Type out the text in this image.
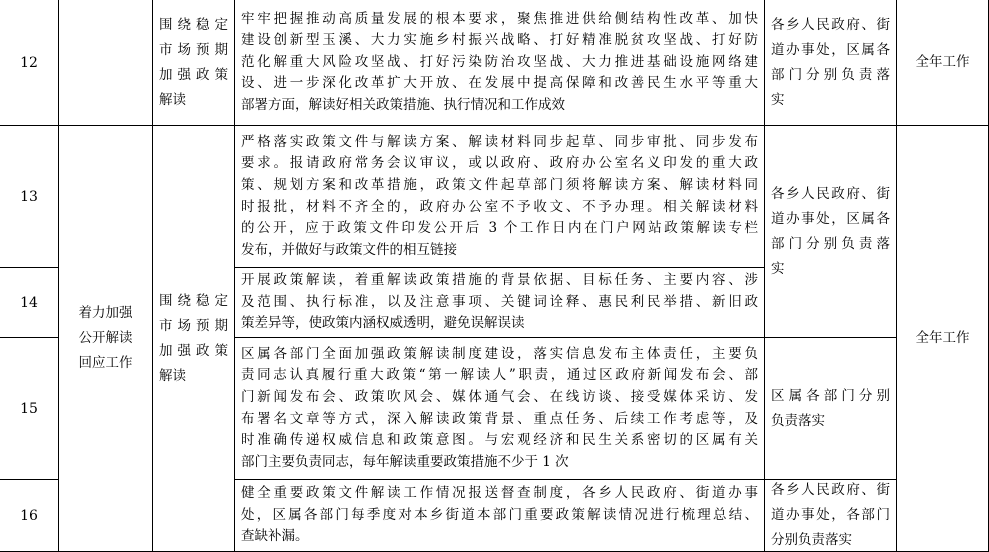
12
围绕稳定
市场预期
加强政策
解读
牢牢把握推动高质量发展的根本要求，聚焦推进供给侧结构性改革、加快
建设创新型玉溪、大力实施乡村振兴战略、打好精准脱贫攻坚战、打好防
范化解重大风险攻坚战、打好污染防治攻坚战、大力推进基础设施网络建
设、进一步深化改革扩大开放、在发展中提高保障和改善民生水平等重大
部署方面，解读好相关政策措施、执行情况和工作成效
各乡人民政府、街
道办事处，区属各
部门分别负责落
实
全年工作
13
14
15
16
着力加强
公开解读
回应工作
围绕稳定
市场预期
加强政策
解读
严格落实政策文件与解读方案、解读材料同步起草、同步审批、同步发布
要求。报请政府常务会议审议，或以政府、政府办公室名义印发的重大政
策、规划方案和改革措施，政策文件起草部门须将解读方案、解读材料同
时报批，材料不齐全的，政府办公室不予收文、不予办理。相关解读材料
的公开，应于政策文件印发公开后 3 个工作日内在门户网站政策解读专栏
发布，并做好与政策文件的相互链接
开展政策解读，着重解读政策措施的背景依据、目标任务、主要内容、涉
及范围、执行标准，以及注意事项、关键词诠释、惠民利民举措、新旧政
策差异等，使政策内涵权威透明，避免误解误读
区属各部门全面加强政策解读制度建设，落实信息发布主体责任，主要负
责同志认真履行重大政策“第一解读人”职责，通过区政府新闻发布会、部
门新闻发布会、政策吹风会、媒体通气会、在线访谈、接受媒体采访、发
布署名文章等方式，深入解读政策背景、重点任务、后续工作考虑等，及
时准确传递权威信息和政策意图。与宏观经济和民生关系密切的区属有关
部门主要负责同志，每年解读重要政策措施不少于 1 次
健全重要政策文件解读工作情况报送督查制度，各乡人民政府、街道办事
处，区属各部门每季度对本乡街道本部门重要政策解读情况进行梳理总结、
查缺补漏。
各乡人民政府、街
道办事处，区属各
部门分别负责落
实
区属各部门分别
负责落实
各乡人民政府、街
道办事处，各部门
分别负责落实
全年工作
